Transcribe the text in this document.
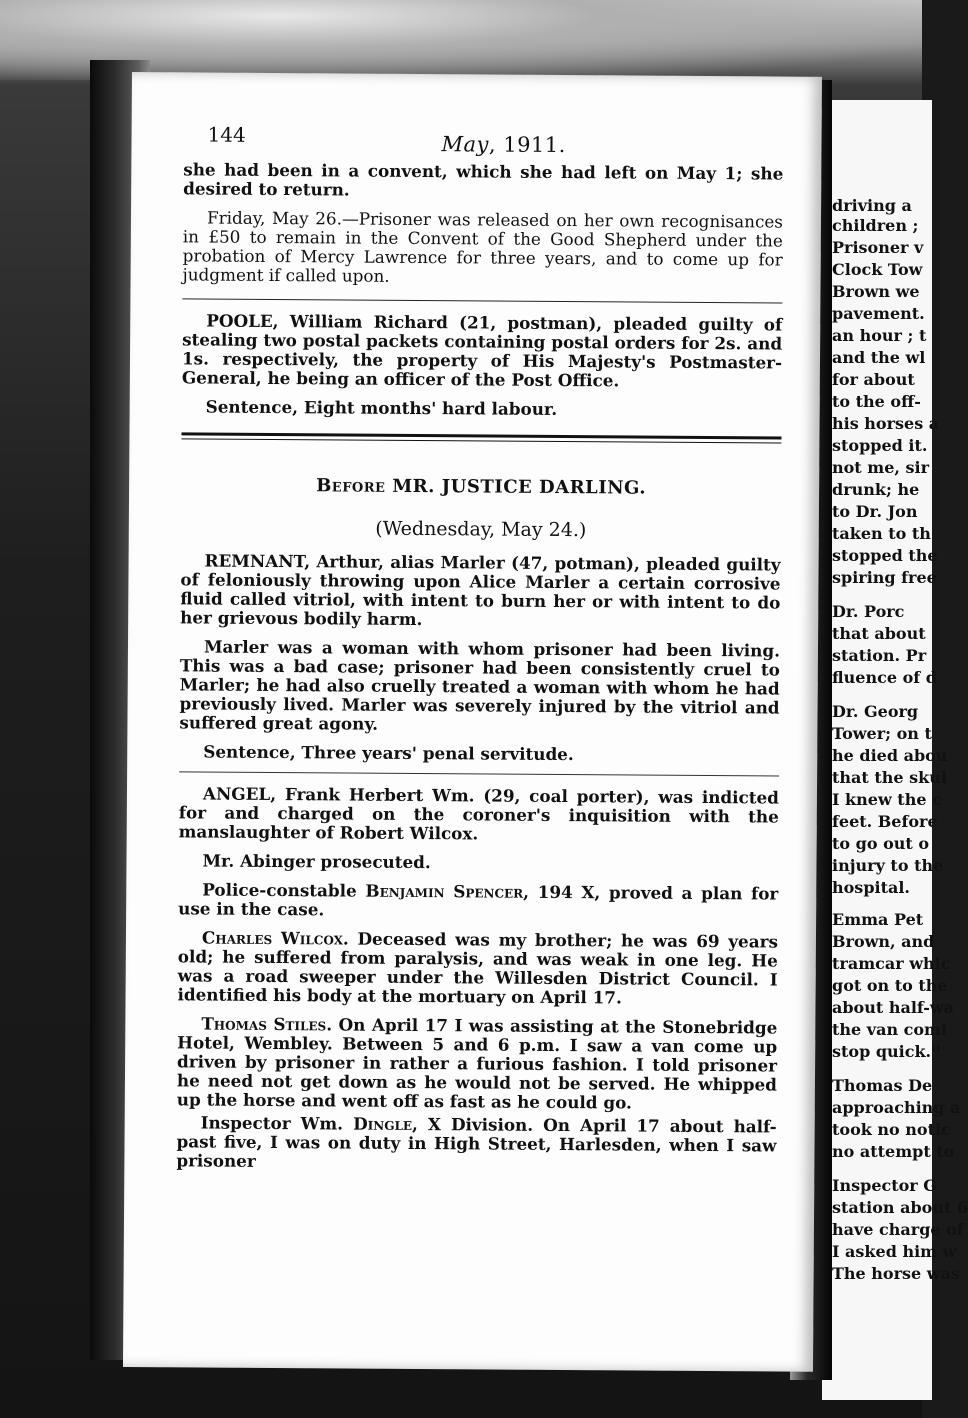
driving a
children ;
Prisoner v
Clock Tow
Brown we
pavement.
an hour ; t
and the wl
for about
to the off-
his horses a
stopped it.
not me, sir
drunk; he
to Dr. Jon
taken to th
stopped the
spiring free
Dr. Porc
that about
station. Pr
fluence of d
Dr. Georg
Tower; on t
he died abou
that the skul
I knew the c
feet. Before
to go out o
injury to the
hospital.
Emma Pet
Brown, and
tramcar whic
got on to the
about half-wa
the van comi
stop quick.''
Thomas De
approaching a
took no notic
no attempt to
Inspector G
station about 6
have charge of
I asked him w
The horse was
144	May, 1911.

she had been in a convent, which she had left on May 1; she desired to return.

Friday, May 26.—Prisoner was released on her own recognisances in £50 to remain in the Convent of the Good Shepherd under the probation of Mercy Lawrence for three years, and to come up for judgment if called upon.

POOLE, William Richard (21, postman), pleaded guilty of stealing two postal packets containing postal orders for 2s. and 1s. respectively, the property of His Majesty's Postmaster-General, he being an officer of the Post Office.

Sentence, Eight months' hard labour.

Before MR. JUSTICE DARLING.
(Wednesday, May 24.)

REMNANT, Arthur, alias Marler (47, potman), pleaded guilty of feloniously throwing upon Alice Marler a certain corrosive fluid called vitriol, with intent to burn her or with intent to do her grievous bodily harm.

Marler was a woman with whom prisoner had been living. This was a bad case; prisoner had been consistently cruel to Marler; he had also cruelly treated a woman with whom he had previously lived. Marler was severely injured by the vitriol and suffered great agony.

Sentence, Three years' penal servitude.

ANGEL, Frank Herbert Wm. (29, coal porter), was indicted for and charged on the coroner's inquisition with the manslaughter of Robert Wilcox.

Mr. Abinger prosecuted.

Police-constable Benjamin Spencer, 194 X, proved a plan for use in the case.

Charles Wilcox. Deceased was my brother; he was 69 years old; he suffered from paralysis, and was weak in one leg. He was a road sweeper under the Willesden District Council. I identified his body at the mortuary on April 17.

Thomas Stiles. On April 17 I was assisting at the Stonebridge Hotel, Wembley. Between 5 and 6 p.m. I saw a van come up driven by prisoner in rather a furious fashion. I told prisoner he need not get down as he would not be served. He whipped up the horse and went off as fast as he could go.

Inspector Wm. Dingle, X Division. On April 17 about half-past five, I was on duty in High Street, Harlesden, when I saw prisoner
